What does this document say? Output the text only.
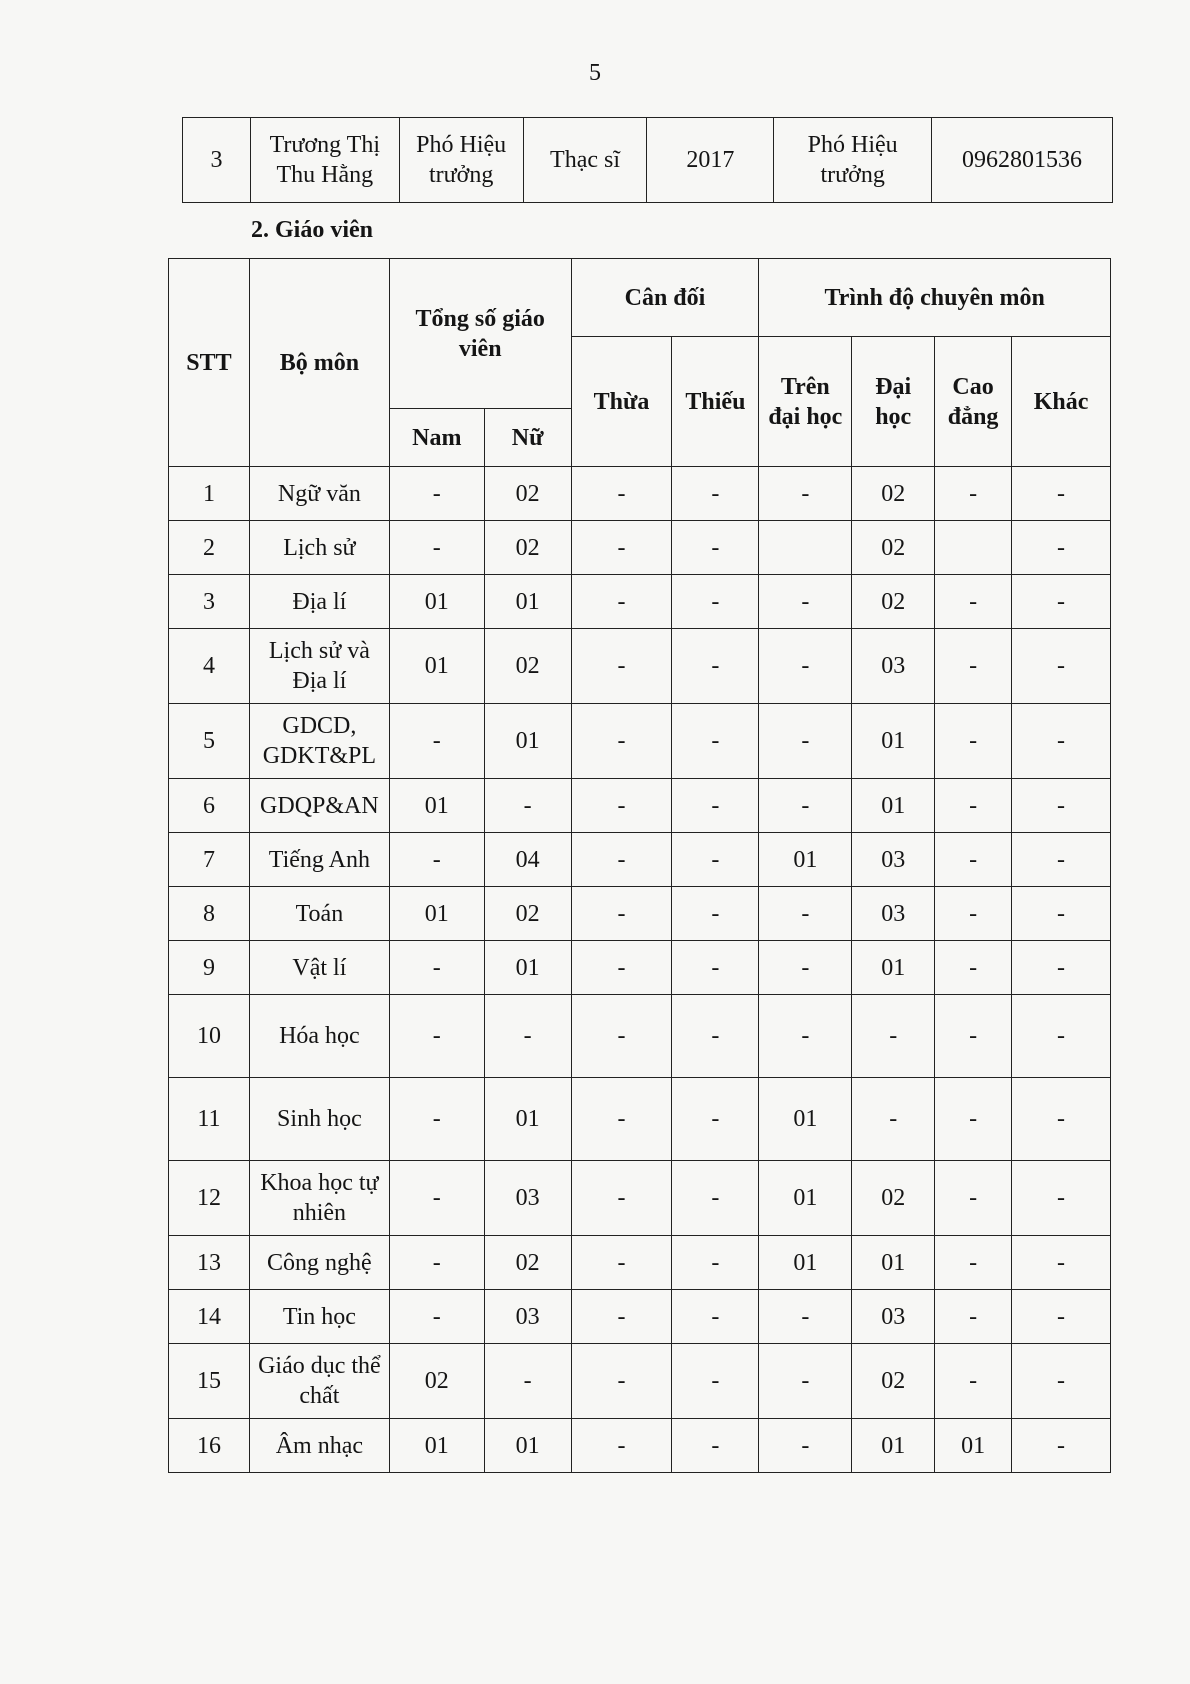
5
3	Trương Thị Thu Hằng	Phó Hiệu trưởng	Thạc sĩ	2017	Phó Hiệu trưởng	0962801536
2. Giáo viên
STT	Bộ môn	Tổng số giáo viên		Cân đối		Trình độ chuyên môn			
				Thừa	Thiếu	Trên đại học	Đại học	Cao đẳng	Khác
		Nam	Nữ						
1	Ngữ văn	-	02	-	-	-	02	-	-
2	Lịch sử	-	02	-	-		02		-
3	Địa lí	01	01	-	-	-	02	-	-
4	Lịch sử và Địa lí	01	02	-	-	-	03	-	-
5	GDCD, GDKT&PL	-	01	-	-	-	01	-	-
6	GDQP&AN	01	-	-	-	-	01	-	-
7	Tiếng Anh	-	04	-	-	01	03	-	-
8	Toán	01	02	-	-	-	03	-	-
9	Vật lí	-	01	-	-	-	01	-	-
10	Hóa học	-	-	-	-	-	-	-	-
11	Sinh học	-	01	-	-	01	-	-	-
12	Khoa học tự nhiên	-	03	-	-	01	02	-	-
13	Công nghệ	-	02	-	-	01	01	-	-
14	Tin học	-	03	-	-	-	03	-	-
15	Giáo dục thể chất	02	-	-	-	-	02	-	-
16	Âm nhạc	01	01	-	-	-	01	01	-
